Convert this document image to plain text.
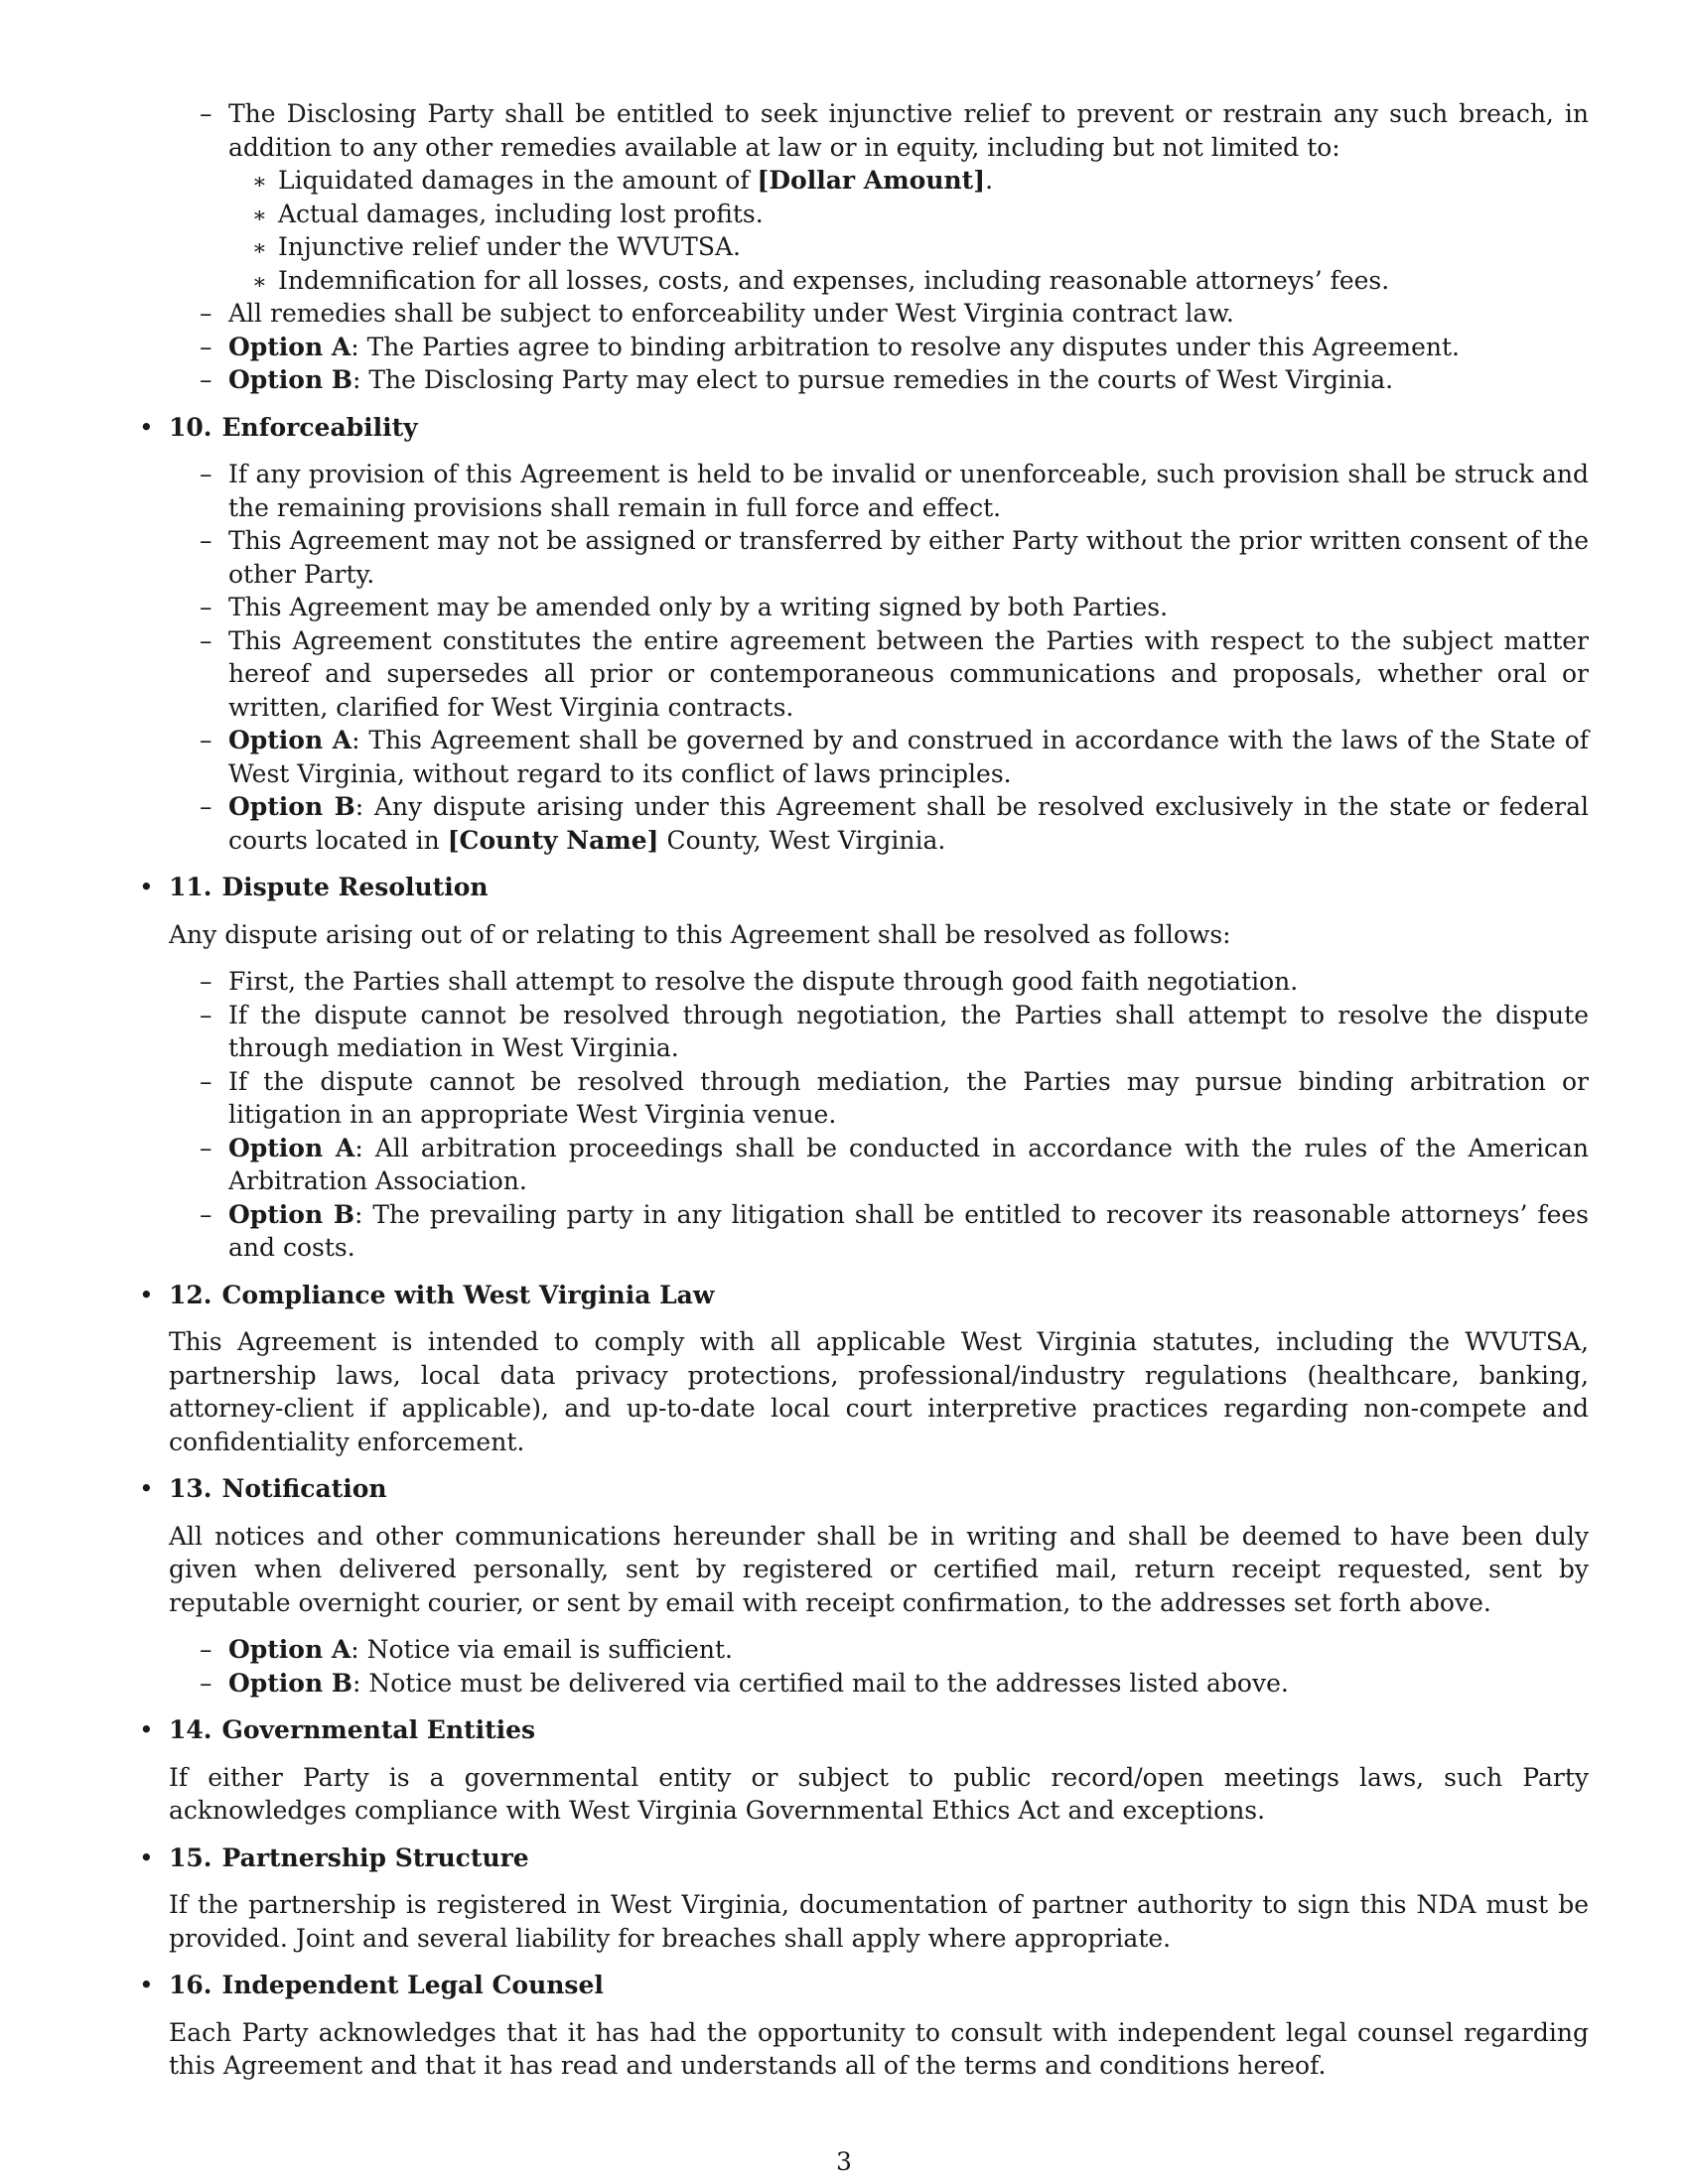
– The Disclosing Party shall be entitled to seek injunctive relief to prevent or restrain any such breach, in addition to any other remedies available at law or in equity, including but not limited to:
∗ Liquidated damages in the amount of [Dollar Amount].
∗ Actual damages, including lost profits.
∗ Injunctive relief under the WVUTSA.
∗ Indemnification for all losses, costs, and expenses, including reasonable attorneys’ fees.
– All remedies shall be subject to enforceability under West Virginia contract law.
– Option A: The Parties agree to binding arbitration to resolve any disputes under this Agreement.
– Option B: The Disclosing Party may elect to pursue remedies in the courts of West Virginia.
• 10. Enforceability
– If any provision of this Agreement is held to be invalid or unenforceable, such provision shall be struck and the remaining provisions shall remain in full force and effect.
– This Agreement may not be assigned or transferred by either Party without the prior written consent of the other Party.
– This Agreement may be amended only by a writing signed by both Parties.
– This Agreement constitutes the entire agreement between the Parties with respect to the subject matter hereof and supersedes all prior or contemporaneous communications and proposals, whether oral or written, clarified for West Virginia contracts.
– Option A: This Agreement shall be governed by and construed in accordance with the laws of the State of West Virginia, without regard to its conflict of laws principles.
– Option B: Any dispute arising under this Agreement shall be resolved exclusively in the state or federal courts located in [County Name] County, West Virginia.
• 11. Dispute Resolution
Any dispute arising out of or relating to this Agreement shall be resolved as follows:
– First, the Parties shall attempt to resolve the dispute through good faith negotiation.
– If the dispute cannot be resolved through negotiation, the Parties shall attempt to resolve the dispute through mediation in West Virginia.
– If the dispute cannot be resolved through mediation, the Parties may pursue binding arbitration or litigation in an appropriate West Virginia venue.
– Option A: All arbitration proceedings shall be conducted in accordance with the rules of the American Arbitration Association.
– Option B: The prevailing party in any litigation shall be entitled to recover its reasonable attorneys’ fees and costs.
• 12. Compliance with West Virginia Law
This Agreement is intended to comply with all applicable West Virginia statutes, including the WVUTSA, partnership laws, local data privacy protections, professional/industry regulations (healthcare, banking, attorney-client if applicable), and up-to-date local court interpretive practices regarding non-compete and confidentiality enforcement.
• 13. Notification
All notices and other communications hereunder shall be in writing and shall be deemed to have been duly given when delivered personally, sent by registered or certified mail, return receipt requested, sent by reputable overnight courier, or sent by email with receipt confirmation, to the addresses set forth above.
– Option A: Notice via email is sufficient.
– Option B: Notice must be delivered via certified mail to the addresses listed above.
• 14. Governmental Entities
If either Party is a governmental entity or subject to public record/open meetings laws, such Party acknowledges compliance with West Virginia Governmental Ethics Act and exceptions.
• 15. Partnership Structure
If the partnership is registered in West Virginia, documentation of partner authority to sign this NDA must be provided. Joint and several liability for breaches shall apply where appropriate.
• 16. Independent Legal Counsel
Each Party acknowledges that it has had the opportunity to consult with independent legal counsel regarding this Agreement and that it has read and understands all of the terms and conditions hereof.
3
